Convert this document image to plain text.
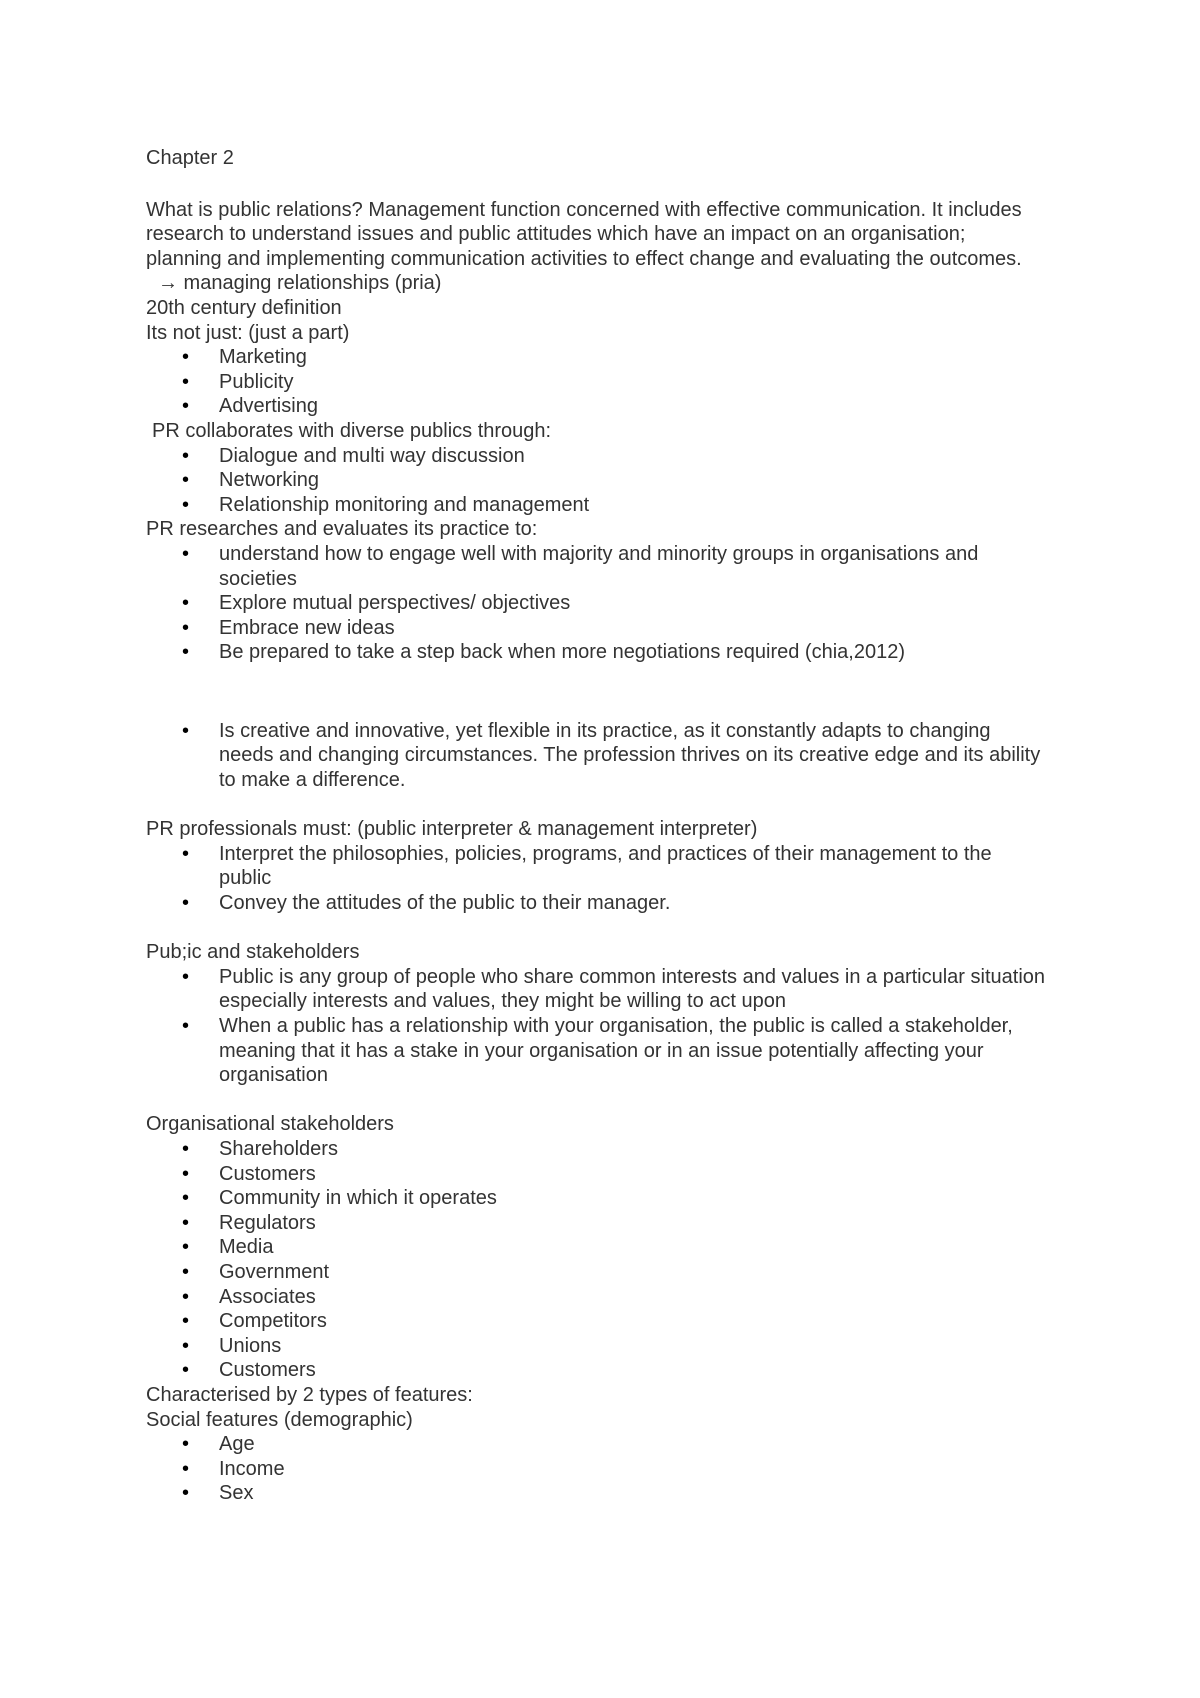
Chapter 2

What is public relations? Management function concerned with effective communication. It includes research to understand issues and public attitudes which have an impact on an organisation; planning and implementing communication activities to effect change and evaluating the outcomes.

→ managing relationships (pria)

20th century definition

Its not just: (just a part)

• Marketing
• Publicity
• Advertising

PR collaborates with diverse publics through:

• Dialogue and multi way discussion
• Networking
• Relationship monitoring and management

PR researches and evaluates its practice to:

• understand how to engage well with majority and minority groups in organisations and societies
• Explore mutual perspectives/ objectives
• Embrace new ideas
• Be prepared to take a step back when more negotiations required (chia,2012)
• Is creative and innovative, yet flexible in its practice, as it constantly adapts to changing needs and changing circumstances. The profession thrives on its creative edge and its ability to make a difference.

PR professionals must: (public interpreter & management interpreter)

• Interpret the philosophies, policies, programs, and practices of their management to the public
• Convey the attitudes of the public to their manager.

Pub;ic and stakeholders

• Public is any group of people who share common interests and values in a particular situation especially interests and values, they might be willing to act upon
• When a public has a relationship with your organisation, the public is called a stakeholder, meaning that it has a stake in your organisation or in an issue potentially affecting your organisation

Organisational stakeholders

• Shareholders
• Customers
• Community in which it operates
• Regulators
• Media
• Government
• Associates
• Competitors
• Unions
• Customers

Characterised by 2 types of features:

Social features (demographic)

• Age
• Income
• Sex
